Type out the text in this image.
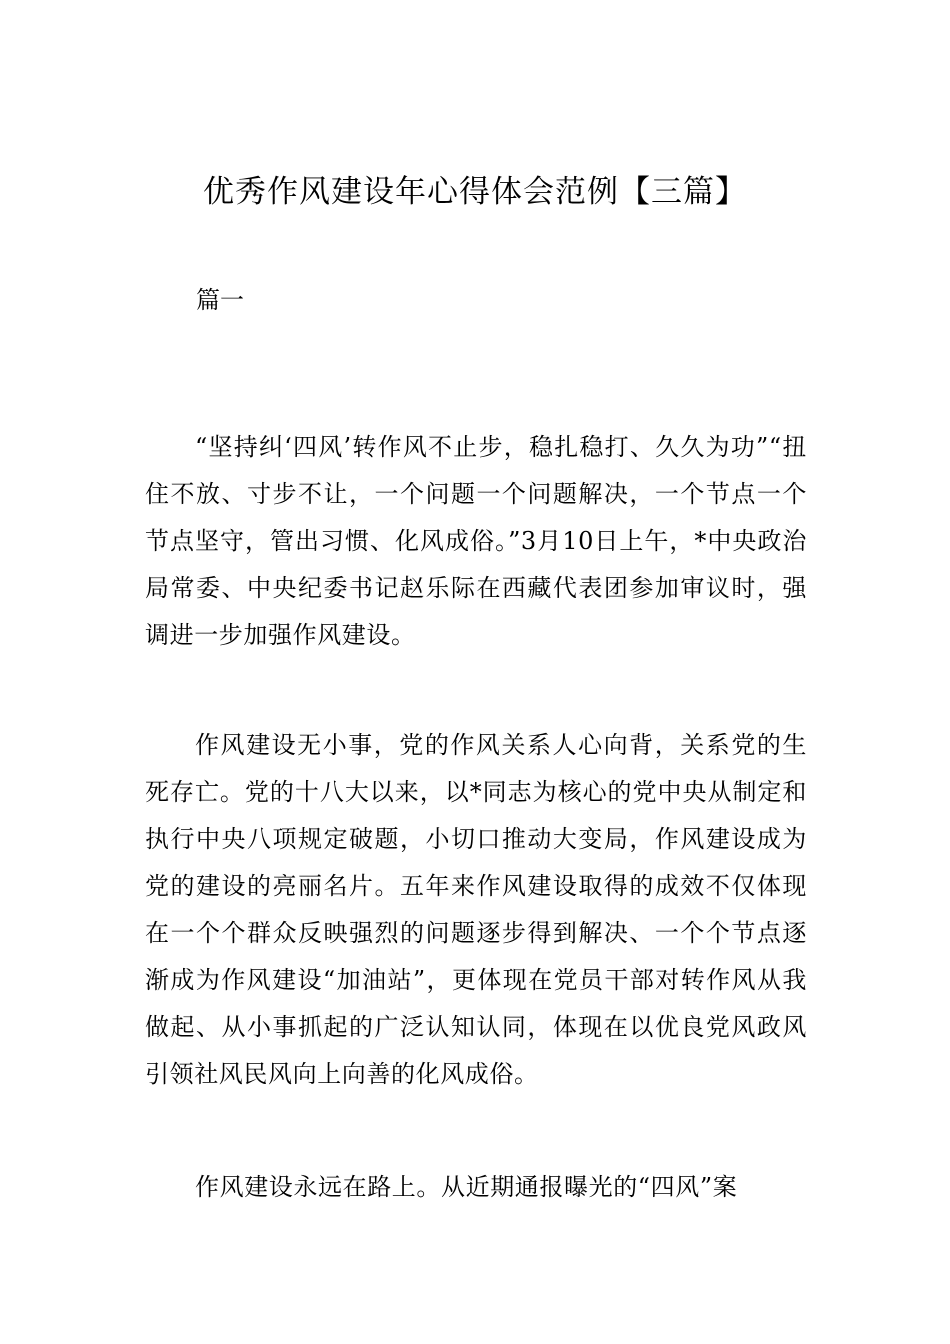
优秀作风建设年心得体会范例【三篇】

篇一

“坚持纠‘四风’转作风不止步，稳扎稳打、久久为功”“扭住不放、寸步不让，一个问题一个问题解决，一个节点一个节点坚守，管出习惯、化风成俗。”3月10日上午，*中央政治局常委、中央纪委书记赵乐际在西藏代表团参加审议时，强调进一步加强作风建设。

作风建设无小事，党的作风关系人心向背，关系党的生死存亡。党的十八大以来，以*同志为核心的党中央从制定和执行中央八项规定破题，小切口推动大变局，作风建设成为党的建设的亮丽名片。五年来作风建设取得的成效不仅体现在一个个群众反映强烈的问题逐步得到解决、一个个节点逐渐成为作风建设“加油站”，更体现在党员干部对转作风从我做起、从小事抓起的广泛认知认同，体现在以优良党风政风引领社风民风向上向善的化风成俗。

作风建设永远在路上。从近期通报曝光的“四风”案
